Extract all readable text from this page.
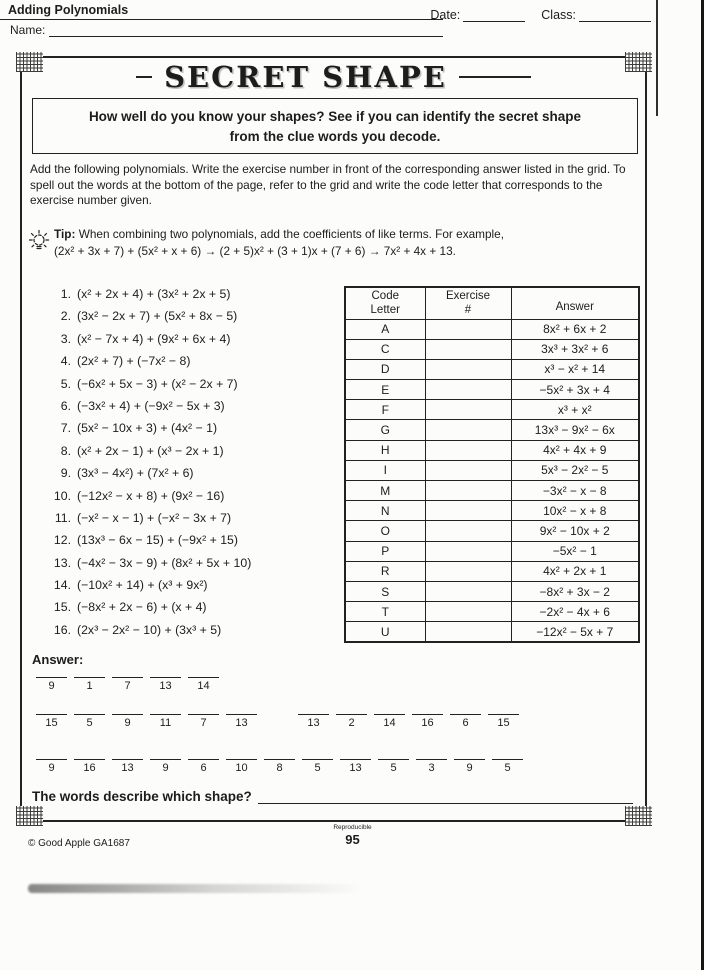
Adding Polynomials
Name:
Date:	Class:
SECRET SHAPE
How well do you know your shapes? See if you can identify the secret shape
from the clue words you decode.

Add the following polynomials. Write the exercise number in front of the corresponding answer listed in the grid. To spell out the words at the bottom of the page, refer to the grid and write the code letter that corresponds to the exercise number given.

Tip: When combining two polynomials, add the coefficients of like terms. For example,
(2x² + 3x + 7) + (5x² + x + 6) → (2 + 5)x² + (3 + 1)x + (7 + 6) → 7x² + 4x + 13.
1. (x² + 2x + 4) + (3x² + 2x + 5)
2. (3x² − 2x + 7) + (5x² + 8x − 5)
3. (x² − 7x + 4) + (9x² + 6x + 4)
4. (2x² + 7) + (−7x² − 8)
5. (−6x² + 5x − 3) + (x² − 2x + 7)
6. (−3x² + 4) + (−9x² − 5x + 3)
7. (5x² − 10x + 3) + (4x² − 1)
8. (x² + 2x − 1) + (x³ − 2x + 1)
9. (3x³ − 4x²) + (7x² + 6)
10. (−12x² − x + 8) + (9x² − 16)
11. (−x² − x − 1) + (−x² − 3x + 7)
12. (13x³ − 6x − 15) + (−9x² + 15)
13. (−4x² − 3x − 9) + (8x² + 5x + 10)
14. (−10x² + 14) + (x³ + 9x²)
15. (−8x² + 2x − 6) + (x + 4)
16. (2x³ − 2x² − 10) + (3x³ + 5)
Code
Letter

Exercise
#	Answer

A		8x² + 6x + 2
C		3x³ + 3x² + 6
D		x³ − x² + 14
E		−5x² + 3x + 4
F		x³ + x²
G		13x³ − 9x² − 6x
H		4x² + 4x + 9
I		5x³ − 2x² − 5
M		−3x² − x − 8
N		10x² − x + 8
O		9x² − 10x + 2
P		−5x² − 1
R		4x² + 2x + 1
S		−8x² + 3x − 2
T		−2x² − 4x + 6
U		−12x² − 5x + 7
Answer:
9	1	7	13 14
15	5	9	11	7	13	13	2	14 16	6	15
9	16 13	9	6	10	8	5	13	5	3	9	5
The words describe which shape?
Reproducible
95
© Good Apple GA1687
